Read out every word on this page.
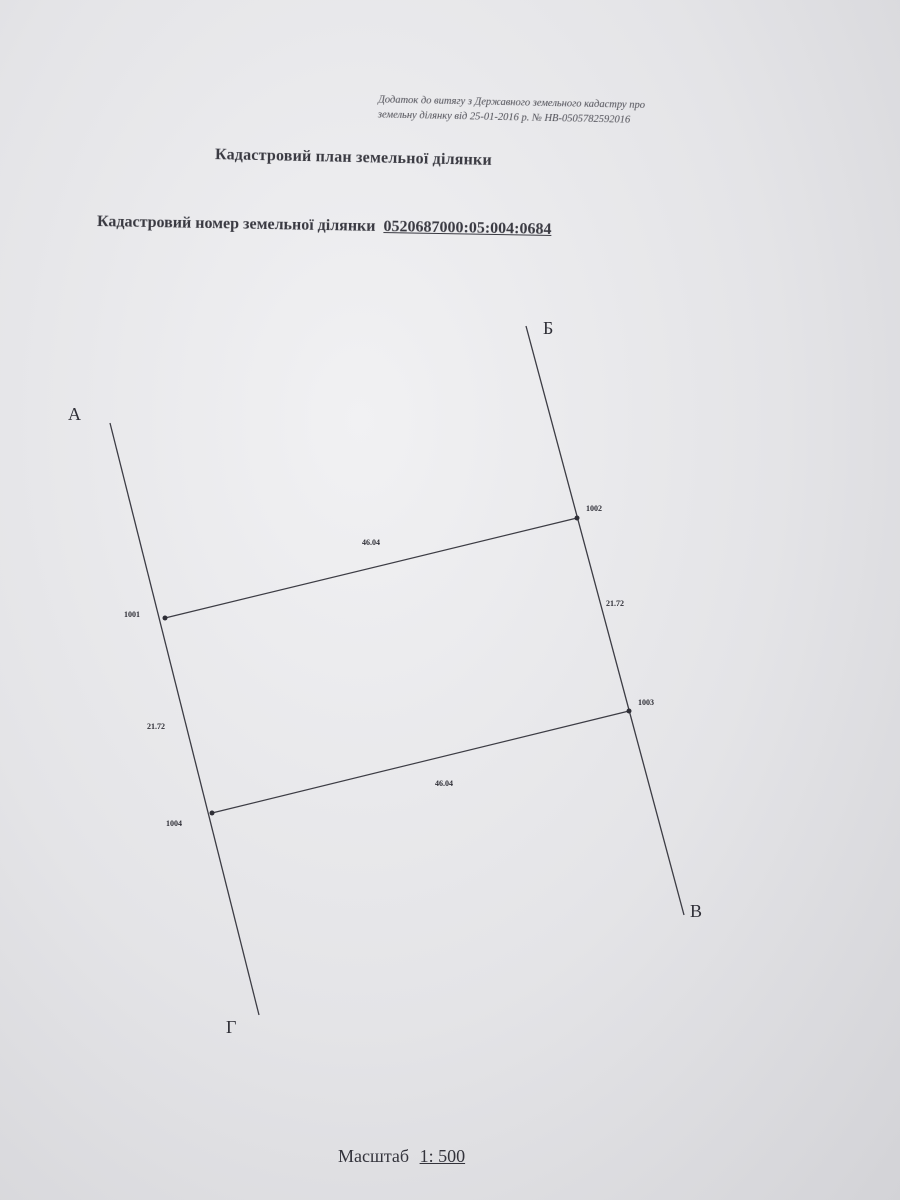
Додаток до витягу з Державного земельного кадастру про
земельну ділянку від 25-01-2016 р. № НВ-0505782592016
Кадастровий план земельної ділянки
Кадастровий номер земельної ділянки 0520687000:05:004:0684
А
Б
В
Г
1001
1002
1003
1004
46.04
21.72
21.72
46.04
Масштаб 1: 500
